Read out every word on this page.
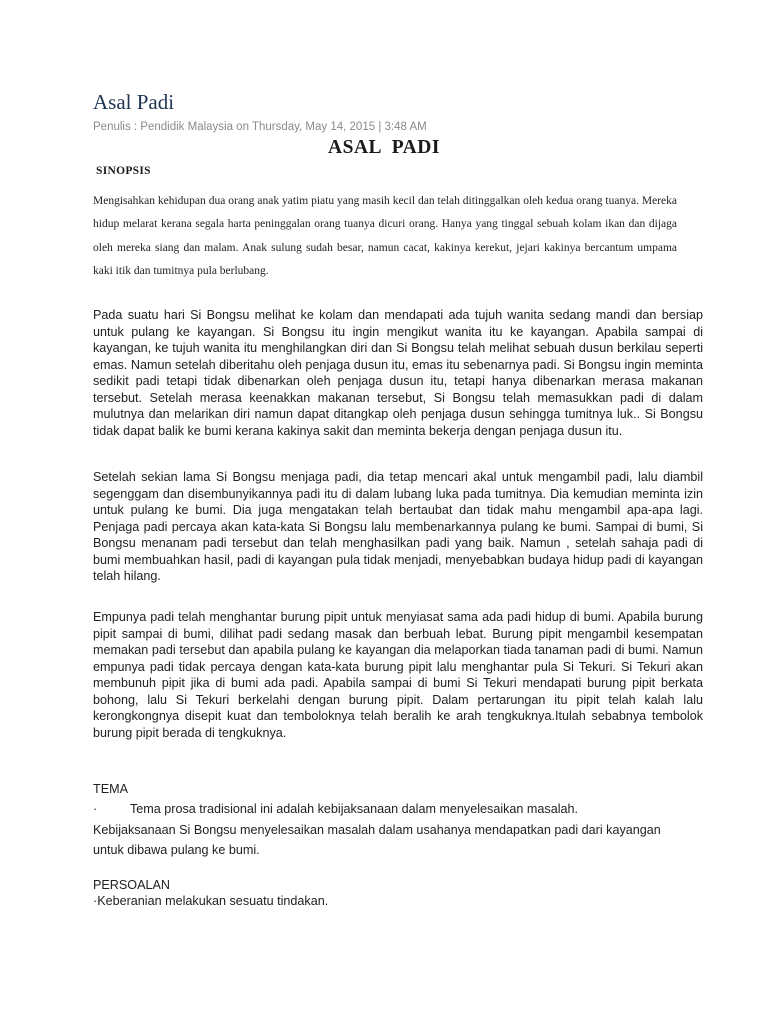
Asal Padi
Penulis : Pendidik Malaysia on Thursday, May 14, 2015 | 3:48 AM
ASAL  PADI
SINOPSIS

Mengisahkan kehidupan dua orang anak yatim piatu yang masih kecil dan telah ditinggalkan oleh kedua orang tuanya. Mereka hidup melarat kerana segala harta peninggalan orang tuanya dicuri orang. Hanya yang tinggal sebuah kolam ikan dan dijaga oleh mereka siang dan malam. Anak sulung sudah besar, namun cacat, kakinya kerekut, jejari kakinya bercantum umpama kaki itik dan tumitnya pula berlubang.

Pada suatu hari Si Bongsu melihat ke kolam dan mendapati ada tujuh wanita sedang mandi dan bersiap untuk pulang ke kayangan. Si Bongsu itu ingin mengikut wanita itu ke kayangan. Apabila sampai di kayangan, ke tujuh wanita itu menghilangkan diri dan Si Bongsu telah melihat sebuah dusun berkilau seperti emas. Namun setelah diberitahu oleh penjaga dusun itu, emas itu sebenarnya padi. Si Bongsu ingin meminta sedikit padi tetapi tidak dibenarkan oleh penjaga dusun itu, tetapi hanya dibenarkan merasa makanan tersebut. Setelah merasa keenakkan makanan tersebut, Si Bongsu telah memasukkan padi di dalam mulutnya dan melarikan diri namun dapat ditangkap oleh penjaga dusun sehingga tumitnya luk.. Si Bongsu tidak dapat balik ke bumi kerana kakinya sakit dan meminta bekerja dengan penjaga dusun itu.

Setelah sekian lama Si Bongsu menjaga padi, dia tetap mencari akal untuk mengambil padi, lalu diambil segenggam dan disembunyikannya padi itu di dalam lubang luka pada tumitnya. Dia kemudian meminta izin untuk pulang ke bumi. Dia juga mengatakan telah bertaubat dan tidak mahu mengambil apa-apa lagi. Penjaga padi percaya akan kata-kata Si Bongsu lalu membenarkannya pulang ke bumi. Sampai di bumi, Si Bongsu menanam padi tersebut dan telah menghasilkan padi yang baik. Namun , setelah sahaja padi di bumi membuahkan hasil, padi di kayangan pula tidak menjadi, menyebabkan budaya hidup padi di kayangan telah hilang.

Empunya padi telah menghantar burung pipit untuk menyiasat sama ada padi hidup di bumi. Apabila burung pipit sampai di bumi, dilihat padi sedang masak dan berbuah lebat. Burung pipit mengambil kesempatan memakan padi tersebut dan apabila pulang ke kayangan dia melaporkan tiada tanaman padi di bumi. Namun empunya padi tidak percaya dengan kata-kata burung pipit lalu menghantar pula Si Tekuri. Si Tekuri akan membunuh pipit jika di bumi ada padi. Apabila sampai di bumi Si Tekuri mendapati burung pipit berkata bohong, lalu Si Tekuri berkelahi dengan burung pipit. Dalam pertarungan itu pipit telah kalah lalu kerongkongnya disepit kuat dan temboloknya telah beralih ke arah tengkuknya.Itulah sebabnya tembolok burung pipit berada di tengkuknya.

TEMA
·	Tema prosa tradisional ini adalah kebijaksanaan dalam menyelesaikan masalah.

Kebijaksanaan Si Bongsu menyelesaikan masalah dalam usahanya mendapatkan padi dari kayangan untuk dibawa pulang ke bumi.

PERSOALAN
·Keberanian melakukan sesuatu tindakan.
